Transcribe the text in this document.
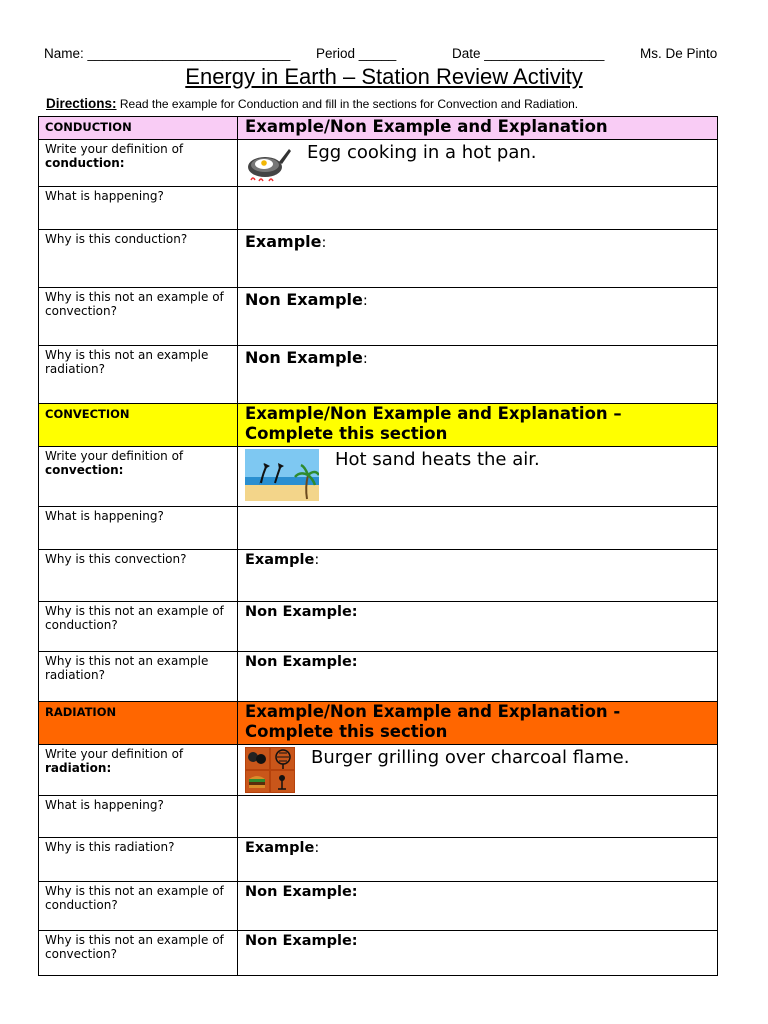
Name: ___________________________ Period _____	Date ________________	Ms. De Pinto
Energy in Earth – Station Review Activity
Directions: Read the example for Conduction and fill in the sections for Convection and Radiation.
CONDUCTION	Example/Non Example and Explanation
Write your definition of
conduction:	Egg cooking in a hot pan.

What is happening?	
Why is this conduction?	Example:
Why is this not an example of convection?	Non Example:
Why is this not an example radiation?	Non Example:
CONVECTION	Example/Non Example and Explanation – Complete this section
Write your definition of
convection:	Hot sand heats the air.

What is happening?	
Why is this convection?	Example:
Why is this not an example of conduction?	Non Example:
Why is this not an example radiation?	Non Example:
RADIATION	Example/Non Example and Explanation - Complete this section
Write your definition of
radiation:	Burger grilling over charcoal flame.

What is happening?	
Why is this radiation?	Example:
Why is this not an example of conduction?	Non Example:
Why is this not an example of convection?	Non Example:
